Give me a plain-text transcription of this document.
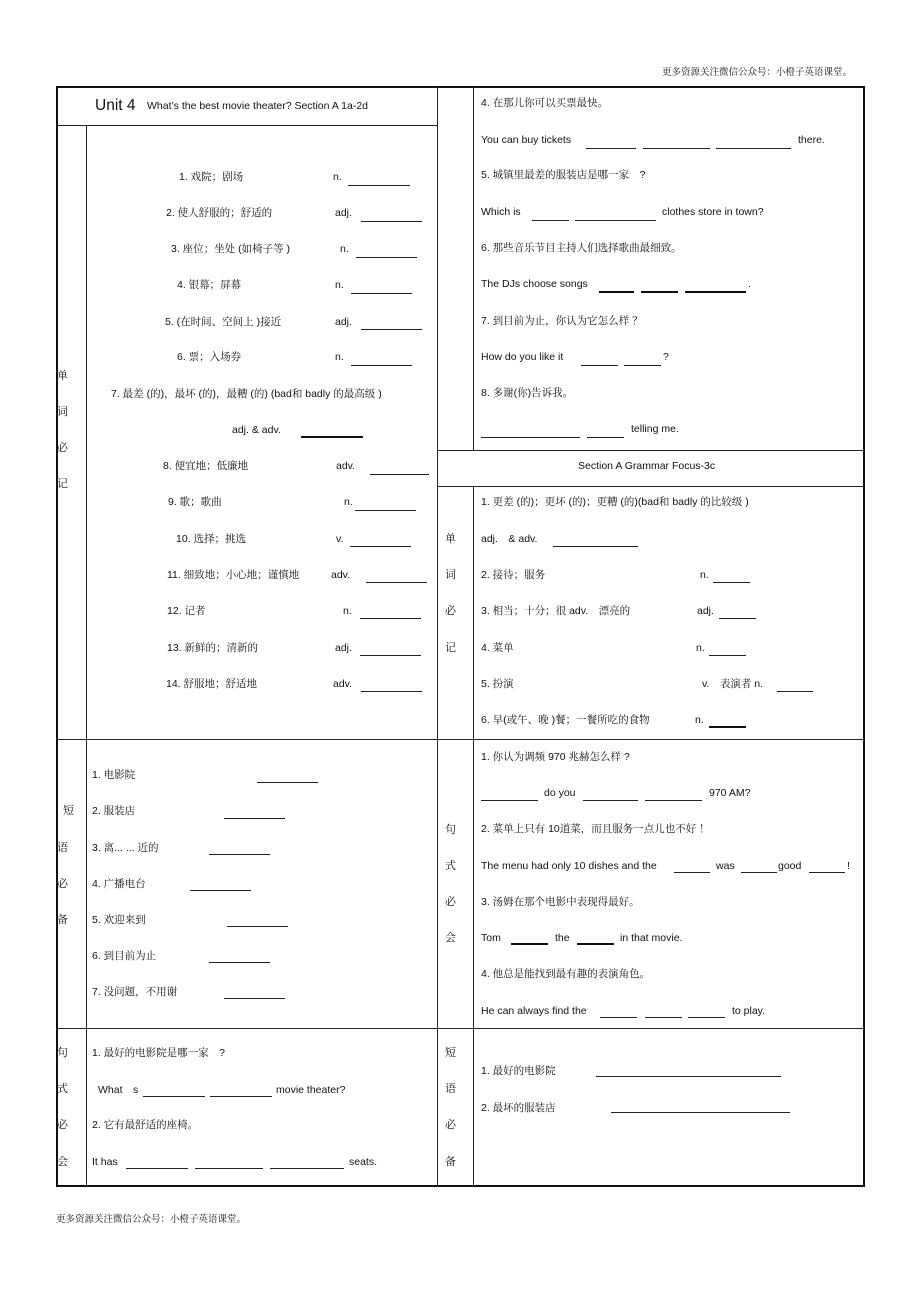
更多资源关注微信公众号：小橙子英语课堂。
更多资源关注微信公众号：小橙子英语课堂。
Unit 4 What’s the best movie theater? Section A 1a-2d
单
词
必
记
1. 戏院；剧场	n.
2. 使人舒服的；舒适的	adj.
3. 座位；坐处 (如椅子等 )	n.
4. 银幕；屏幕	n.
5. (在时间、空间上 )接近	adj.
6. 票；入场券	n.
7. 最差 (的)，最坏 (的)，最糟 (的) (bad和 badly 的最高级 )
adj. & adv.
8. 便宜地；低廉地	adv.
9. 歌；歌曲	n.
10. 选择；挑选	v.
11. 细致地；小心地；谨慎地	adv.
12. 记者	n.
13. 新鲜的；清新的	adj.
14. 舒服地；舒适地	adv.
4. 在那儿你可以买票最快。
You can buy tickets	there.
5. 城镇里最差的服装店是哪一家　?
Which is	clothes store in town?
6. 那些音乐节目主持人们选择歌曲最细致。
The DJs choose songs	.
7. 到目前为止，你认为它怎么样 ？
How do you like it	?
8. 多谢(你)告诉我。
telling me.
Section A Grammar Focus-3c
单
词
必
记
1. 更差 (的)；更坏 (的)；更糟 (的)(bad和 badly 的比较级 )
adj.　& adv.
2. 接待；服务	n.
3. 相当；十分；很 adv.　漂亮的	adj.
4. 菜单	n.
5. 扮演	v.　表演者 n.
6. 早(或午、晚 )餐；一餐所吃的食物	n.
短
语
必
备
1. 电影院
2. 服装店
3. 离... ... 近的
4. 广播电台
5. 欢迎来到
6. 到目前为止
7. 没问题，不用谢
句
式
必
会
1. 你认为调频 970 兆赫怎么样 ?
do you	970 AM?
2. 菜单上只有 10道菜，而且服务一点儿也不好 ！
The menu had only 10 dishes and the	was	good	!
3. 汤姆在那个电影中表现得最好。
Tom	the	in that movie.
4. 他总是能找到最有趣的表演角色。
He can always find the	to play.
句
式
必
会
1. 最好的电影院是哪一家　?
What　s	movie theater?
2. 它有最舒适的座椅。
It has	seats.
短
语
必
备
1. 最好的电影院
2. 最坏的服装店
